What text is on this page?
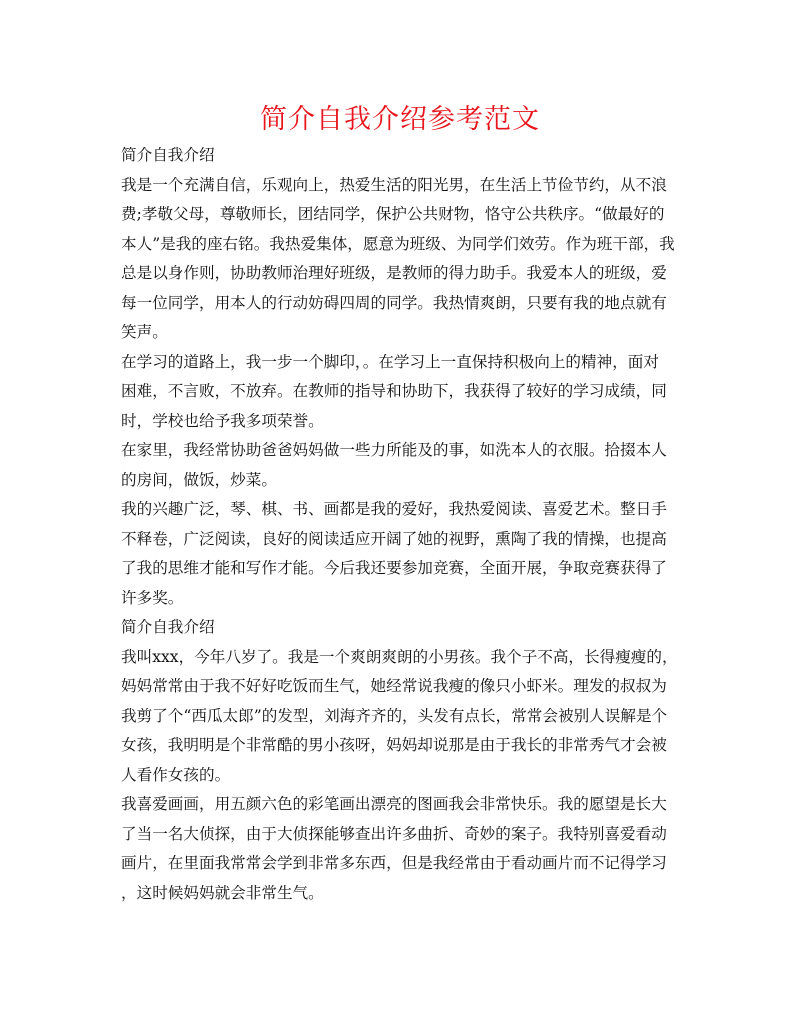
简介自我介绍参考范文
简介自我介绍
我是一个充满自信，乐观向上，热爱生活的阳光男，在生活上节俭节约，从不浪
费;孝敬父母，尊敬师长，团结同学，保护公共财物，恪守公共秩序。“做最好的
本人”是我的座右铭。我热爱集体，愿意为班级、为同学们效劳。作为班干部，我
总是以身作则，协助教师治理好班级，是教师的得力助手。我爱本人的班级，爱
每一位同学，用本人的行动妨碍四周的同学。我热情爽朗，只要有我的地点就有
笑声。
在学习的道路上，我一步一个脚印，。在学习上一直保持积极向上的精神，面对
困难，不言败，不放弃。在教师的指导和协助下，我获得了较好的学习成绩，同
时，学校也给予我多项荣誉。
在家里，我经常协助爸爸妈妈做一些力所能及的事，如洗本人的衣服。拾掇本人
的房间，做饭，炒菜。
我的兴趣广泛，琴、棋、书、画都是我的爱好，我热爱阅读、喜爱艺术。整日手
不释卷，广泛阅读，良好的阅读适应开阔了她的视野，熏陶了我的情操，也提高
了我的思维才能和写作才能。今后我还要参加竞赛，全面开展，争取竞赛获得了
许多奖。
简介自我介绍
我叫xxx，今年八岁了。我是一个爽朗爽朗的小男孩。我个子不高，长得瘦瘦的，
妈妈常常由于我不好好吃饭而生气，她经常说我瘦的像只小虾米。理发的叔叔为
我剪了个“西瓜太郎”的发型，刘海齐齐的，头发有点长，常常会被别人误解是个
女孩，我明明是个非常酷的男小孩呀，妈妈却说那是由于我长的非常秀气才会被
人看作女孩的。
我喜爱画画，用五颜六色的彩笔画出漂亮的图画我会非常快乐。我的愿望是长大
了当一名大侦探，由于大侦探能够查出许多曲折、奇妙的案子。我特别喜爱看动
画片，在里面我常常会学到非常多东西，但是我经常由于看动画片而不记得学习
，这时候妈妈就会非常生气。
